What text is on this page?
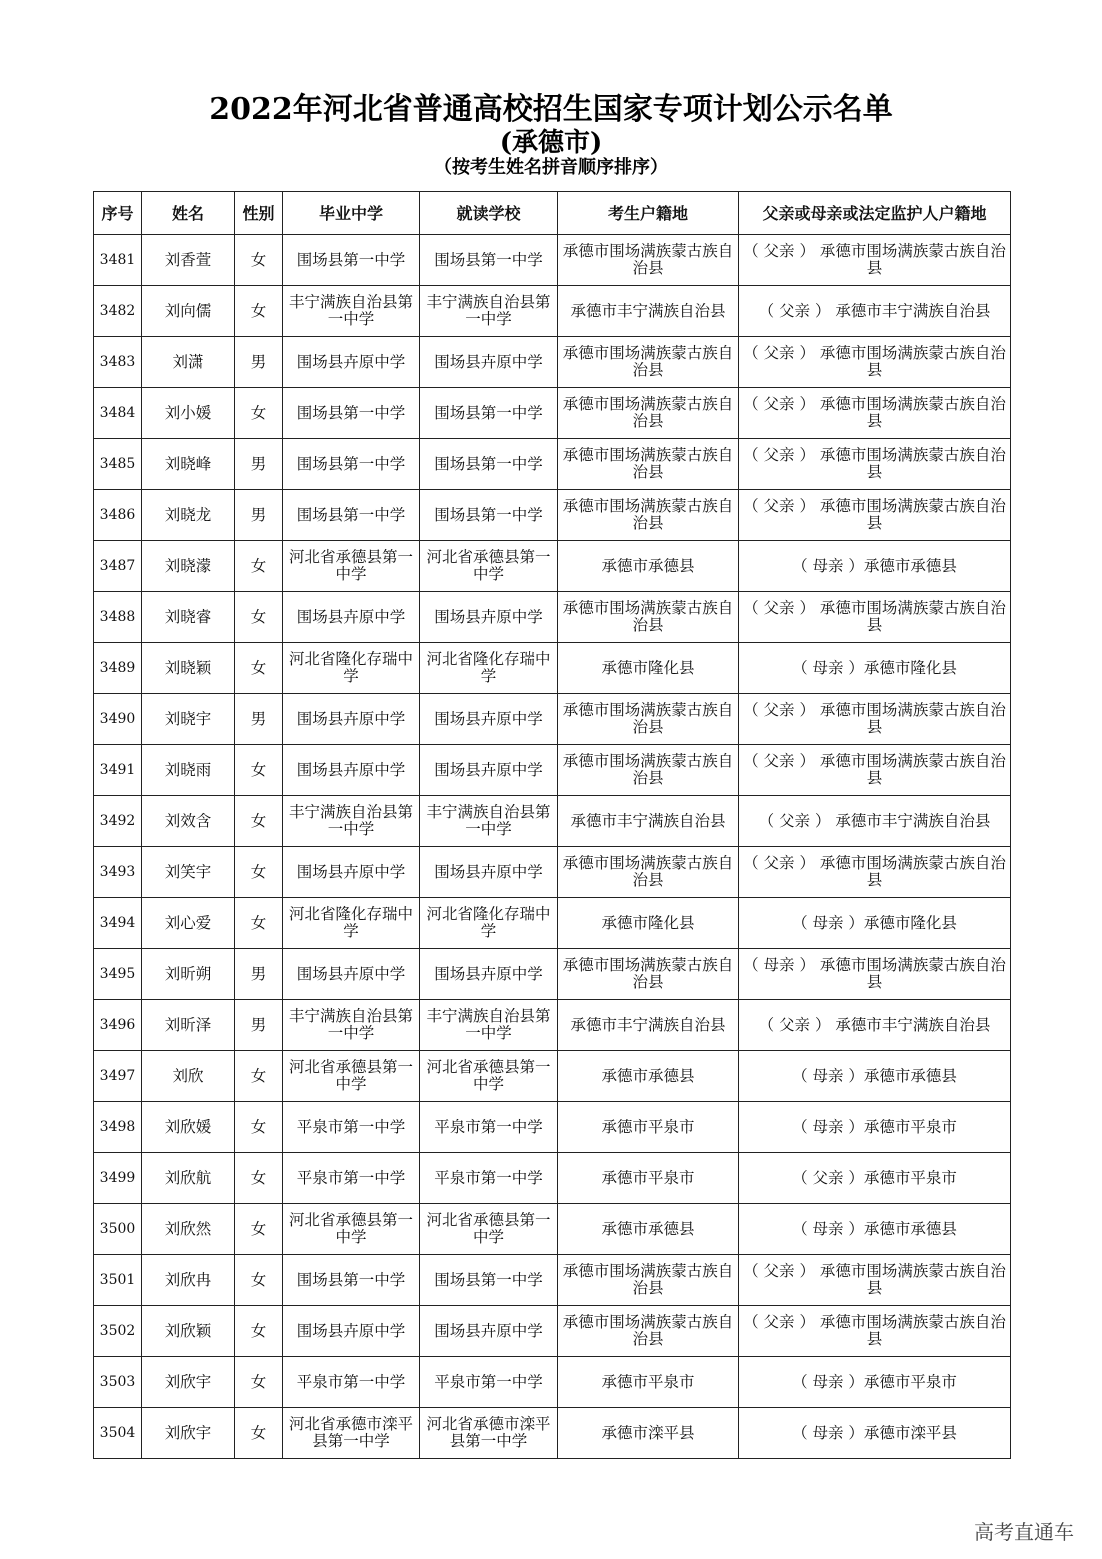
2022年河北省普通高校招生国家专项计划公示名单
(承德市)
（按考生姓名拼音顺序排序）
序号	姓名	性别	毕业中学	就读学校	考生户籍地	父亲或母亲或法定监护人户籍地
3481	刘香萱	女	围场县第一中学	围场县第一中学	承德市围场满族蒙古族自治县	（ 父亲 ） 承德市围场满族蒙古族自治县
3482	刘向儒	女	丰宁满族自治县第一中学	丰宁满族自治县第一中学	承德市丰宁满族自治县	（ 父亲 ） 承德市丰宁满族自治县
3483	刘潇	男	围场县卉原中学	围场县卉原中学	承德市围场满族蒙古族自治县	（ 父亲 ） 承德市围场满族蒙古族自治县
3484	刘小媛	女	围场县第一中学	围场县第一中学	承德市围场满族蒙古族自治县	（ 父亲 ） 承德市围场满族蒙古族自治县
3485	刘晓峰	男	围场县第一中学	围场县第一中学	承德市围场满族蒙古族自治县	（ 父亲 ） 承德市围场满族蒙古族自治县
3486	刘晓龙	男	围场县第一中学	围场县第一中学	承德市围场满族蒙古族自治县	（ 父亲 ） 承德市围场满族蒙古族自治县
3487	刘晓濛	女	河北省承德县第一中学	河北省承德县第一中学	承德市承德县	（ 母亲 ）承德市承德县
3488	刘晓睿	女	围场县卉原中学	围场县卉原中学	承德市围场满族蒙古族自治县	（ 父亲 ） 承德市围场满族蒙古族自治县
3489	刘晓颖	女	河北省隆化存瑞中学	河北省隆化存瑞中学	承德市隆化县	（ 母亲 ）承德市隆化县
3490	刘晓宇	男	围场县卉原中学	围场县卉原中学	承德市围场满族蒙古族自治县	（ 父亲 ） 承德市围场满族蒙古族自治县
3491	刘晓雨	女	围场县卉原中学	围场县卉原中学	承德市围场满族蒙古族自治县	（ 父亲 ） 承德市围场满族蒙古族自治县
3492	刘效含	女	丰宁满族自治县第一中学	丰宁满族自治县第一中学	承德市丰宁满族自治县	（ 父亲 ） 承德市丰宁满族自治县
3493	刘笑宇	女	围场县卉原中学	围场县卉原中学	承德市围场满族蒙古族自治县	（ 父亲 ） 承德市围场满族蒙古族自治县
3494	刘心爱	女	河北省隆化存瑞中学	河北省隆化存瑞中学	承德市隆化县	（ 母亲 ）承德市隆化县
3495	刘昕朔	男	围场县卉原中学	围场县卉原中学	承德市围场满族蒙古族自治县	（ 母亲 ） 承德市围场满族蒙古族自治县
3496	刘昕泽	男	丰宁满族自治县第一中学	丰宁满族自治县第一中学	承德市丰宁满族自治县	（ 父亲 ） 承德市丰宁满族自治县
3497	刘欣	女	河北省承德县第一中学	河北省承德县第一中学	承德市承德县	（ 母亲 ）承德市承德县
3498	刘欣媛	女	平泉市第一中学	平泉市第一中学	承德市平泉市	（ 母亲 ）承德市平泉市
3499	刘欣航	女	平泉市第一中学	平泉市第一中学	承德市平泉市	（ 父亲 ）承德市平泉市
3500	刘欣然	女	河北省承德县第一中学	河北省承德县第一中学	承德市承德县	（ 母亲 ）承德市承德县
3501	刘欣冉	女	围场县第一中学	围场县第一中学	承德市围场满族蒙古族自治县	（ 父亲 ） 承德市围场满族蒙古族自治县
3502	刘欣颖	女	围场县卉原中学	围场县卉原中学	承德市围场满族蒙古族自治县	（ 父亲 ） 承德市围场满族蒙古族自治县
3503	刘欣宇	女	平泉市第一中学	平泉市第一中学	承德市平泉市	（ 母亲 ）承德市平泉市
3504	刘欣宇	女	河北省承德市滦平县第一中学	河北省承德市滦平县第一中学	承德市滦平县	（ 母亲 ）承德市滦平县
高考直通车
